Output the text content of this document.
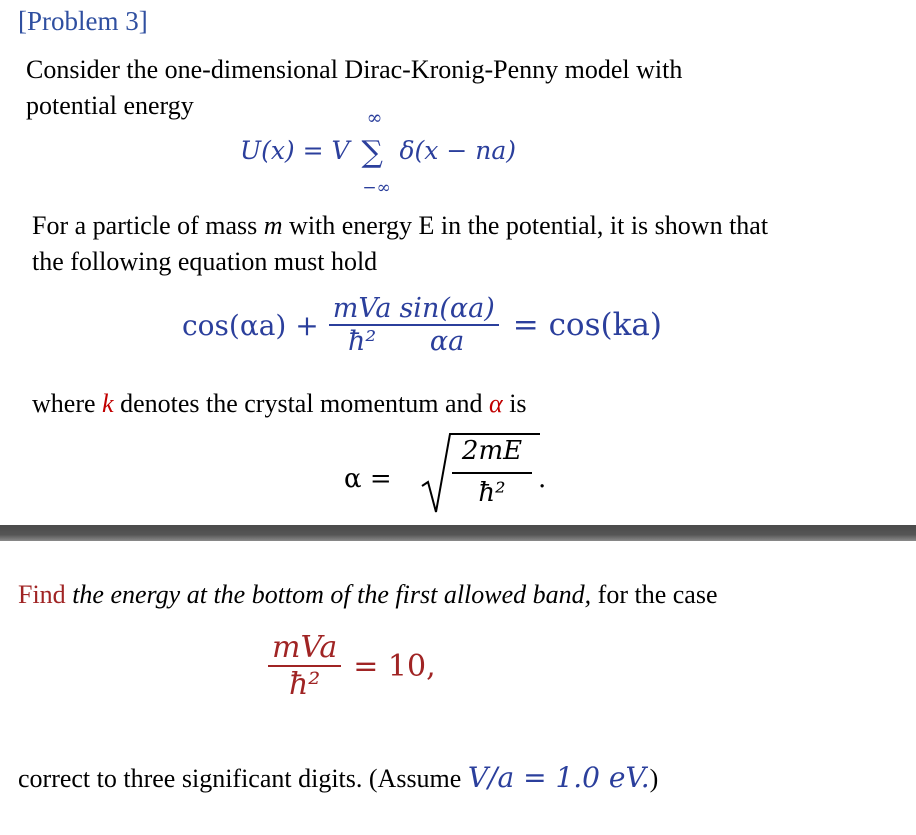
[Problem 3]
Consider the one-dimensional Dirac-Kronig-Penny model with
potential energy
U(x) = V
∞
∑
−∞
δ(x − na)
For a particle of mass m with energy E in the potential, it is shown that
the following equation must hold
$\cos(\alpha a) + \frac{\text{mVa}}{\text{ħ²}} \frac{\sin(\alpha a)}{\alpha a} = \cos(ka)$
where k denotes the crystal momentum and α is
α =
2mE
ħ²	.
Find the energy at the bottom of the first allowed band, for the case
$\frac{\text{mVa}}{\text{ħ²}} = 10$,
correct to three significant digits. (Assume V/a = 1.0 eV.)
